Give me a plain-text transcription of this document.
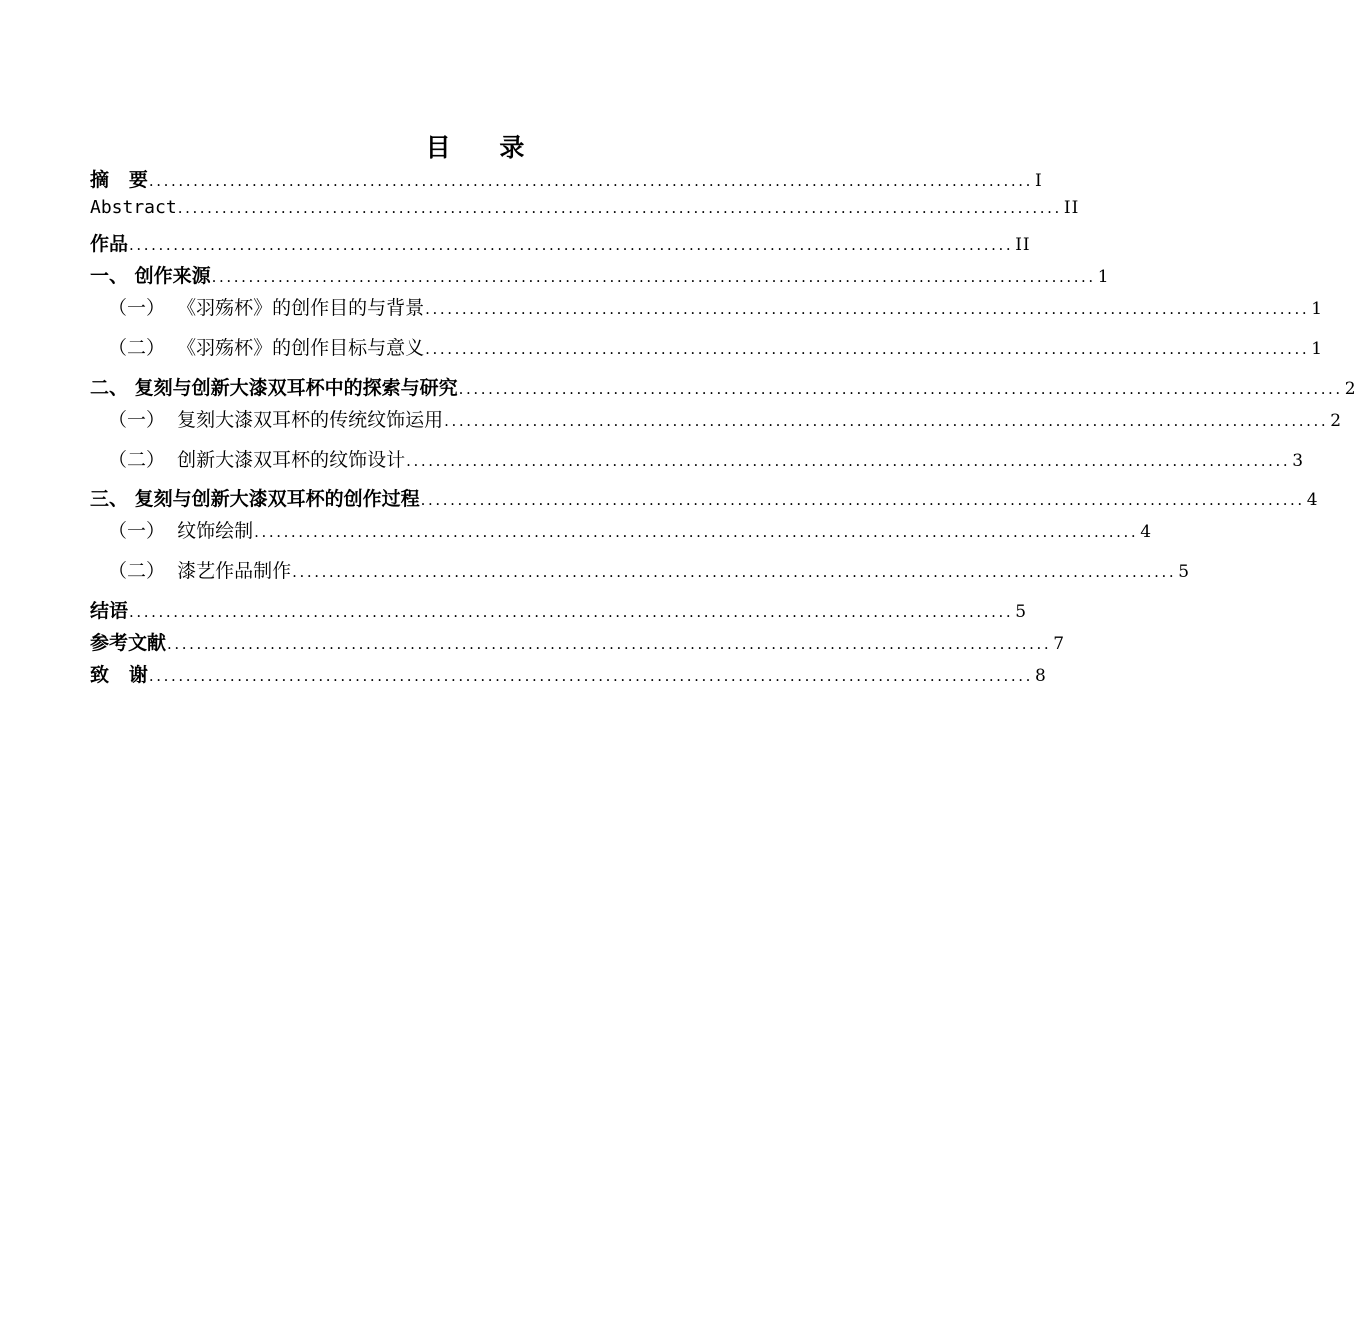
目 录
摘   要 ........................................................................................................................ I
Abstract ........................................................................................................................ II
作品 ........................................................................................................................ II
一、 创作来源 ........................................................................................................................ 1
（一）  《羽殇杯》的创作目的与背景 ........................................................................................................................ 1
（二）  《羽殇杯》的创作目标与意义 ........................................................................................................................ 1
二、 复刻与创新大漆双耳杯中的探索与研究 ........................................................................................................................ 2
（一）  复刻大漆双耳杯的传统纹饰运用 ........................................................................................................................ 2
（二）  创新大漆双耳杯的纹饰设计 ........................................................................................................................ 3
三、 复刻与创新大漆双耳杯的创作过程 ........................................................................................................................ 4
（一）  纹饰绘制 ........................................................................................................................ 4
（二）  漆艺作品制作 ........................................................................................................................ 5
结语 ........................................................................................................................ 5
参考文献 ........................................................................................................................ 7
致   谢 ........................................................................................................................ 8
